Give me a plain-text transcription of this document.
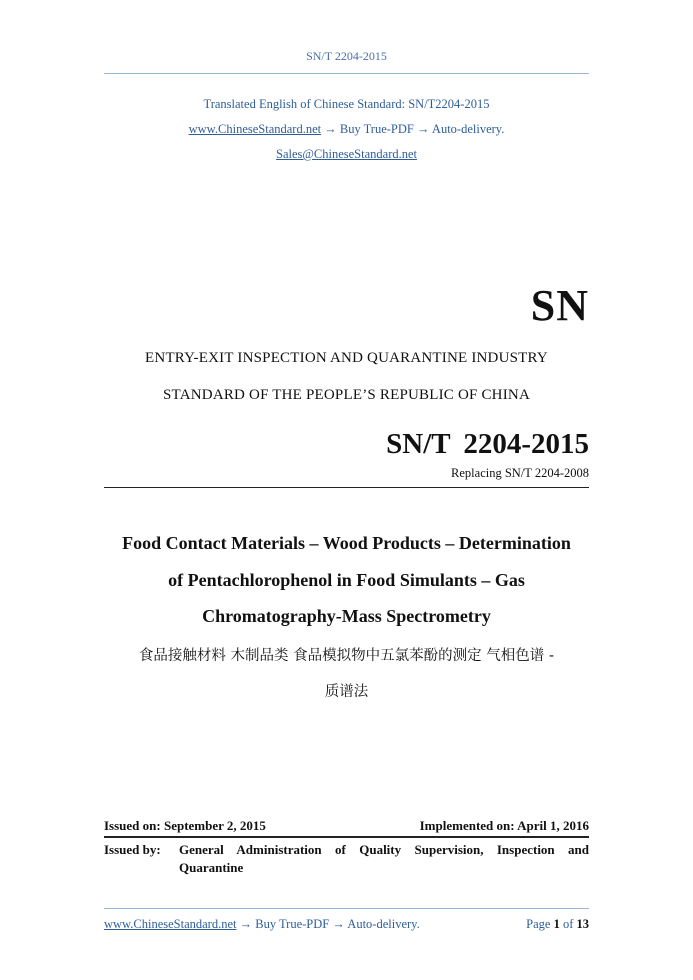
SN/T 2204-2015
Translated English of Chinese Standard: SN/T2204-2015
www.ChineseStandard.net → Buy True-PDF → Auto-delivery.
Sales@ChineseStandard.net
SN
ENTRY-EXIT INSPECTION AND QUARANTINE INDUSTRY
STANDARD OF THE PEOPLE’S REPUBLIC OF CHINA
SN/T 2204-2015
Replacing SN/T 2204-2008
Food Contact Materials – Wood Products – Determination
of Pentachlorophenol in Food Simulants – Gas
Chromatography-Mass Spectrometry
食品接触材料 木制品类 食品模拟物中五氯苯酚的测定 气相色谱 -
质谱法
Issued on: September 2, 2015	Implemented on: April 1, 2016
Issued by: General Administration of Quality Supervision, Inspection and
Quarantine
www.ChineseStandard.net → Buy True-PDF → Auto-delivery.	Page 1 of 13
